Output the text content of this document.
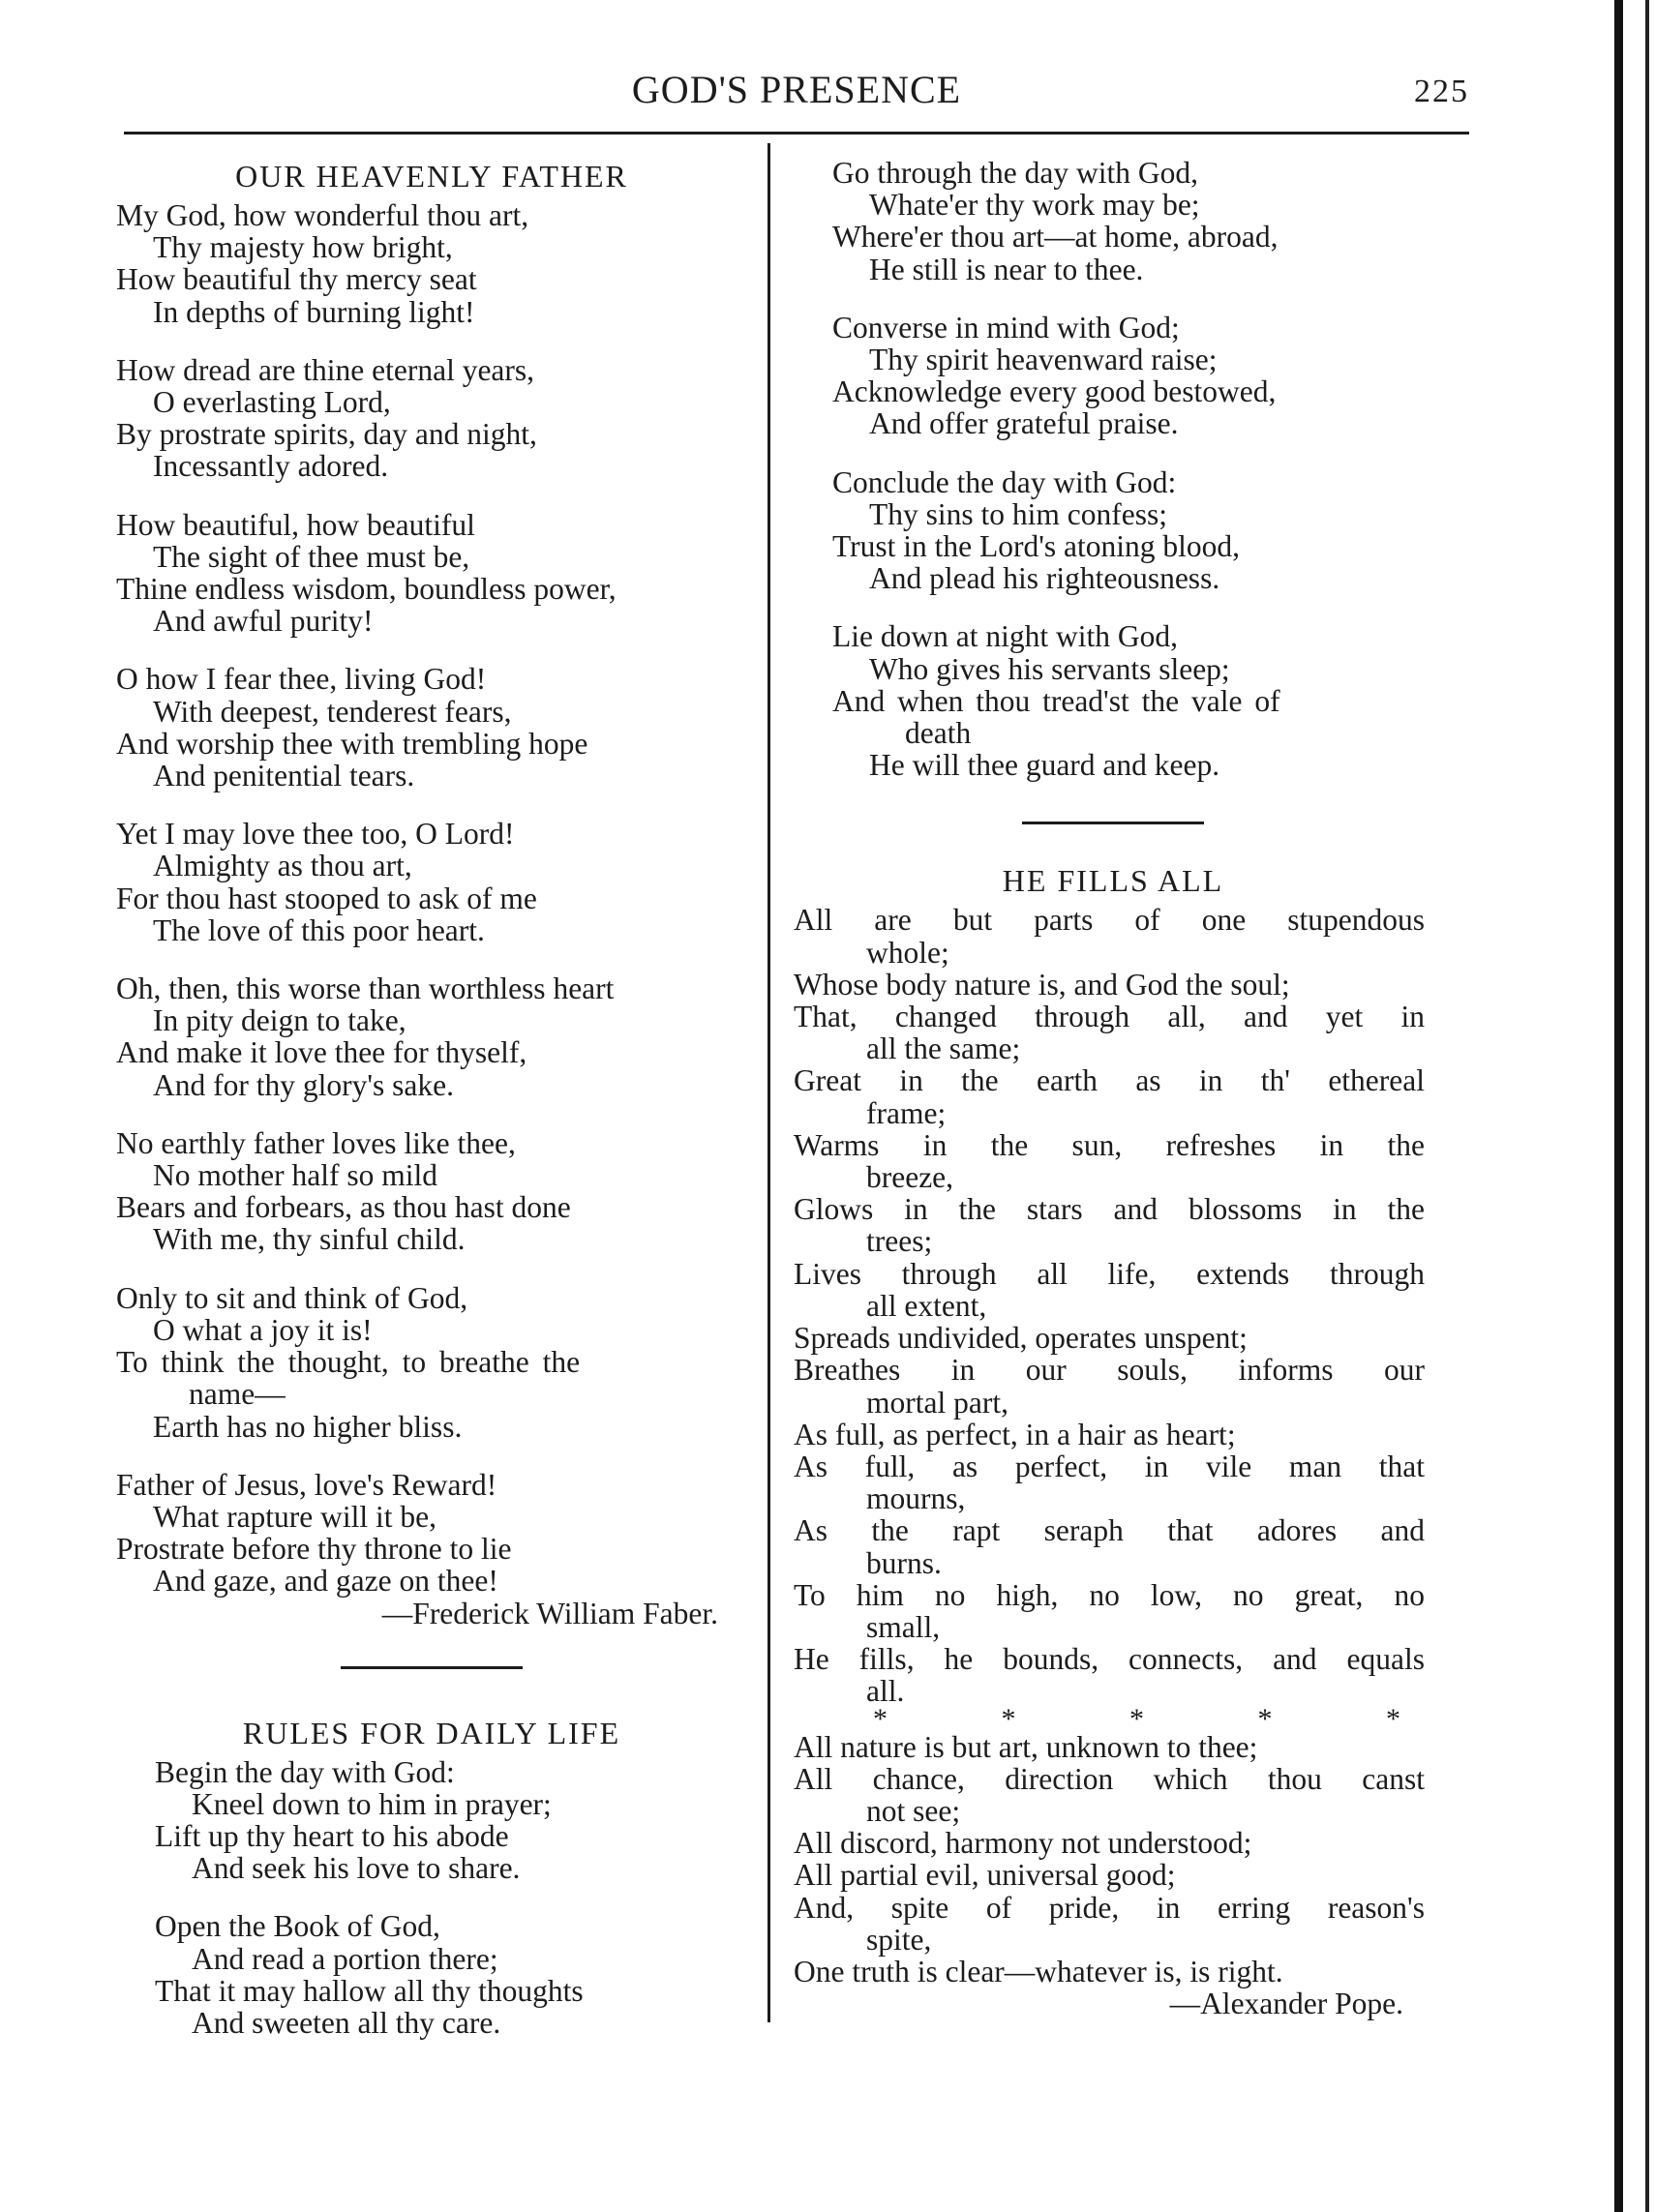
GOD'S PRESENCE	225
OUR HEAVENLY FATHER
My God, how wonderful thou art,
Thy majesty how bright,
How beautiful thy mercy seat
In depths of burning light!
How dread are thine eternal years,
O everlasting Lord,
By prostrate spirits, day and night,
Incessantly adored.
How beautiful, how beautiful
The sight of thee must be,
Thine endless wisdom, boundless power,
And awful purity!
O how I fear thee, living God!
With deepest, tenderest fears,
And worship thee with trembling hope
And penitential tears.
Yet I may love thee too, O Lord!
Almighty as thou art,
For thou hast stooped to ask of me
The love of this poor heart.
Oh, then, this worse than worthless heart
In pity deign to take,
And make it love thee for thyself,
And for thy glory's sake.
No earthly father loves like thee,
No mother half so mild
Bears and forbears, as thou hast done
With me, thy sinful child.
Only to sit and think of God,
O what a joy it is!
To think the thought, to breathe the
name—
Earth has no higher bliss.
Father of Jesus, love's Reward!
What rapture will it be,
Prostrate before thy throne to lie
And gaze, and gaze on thee!
—Frederick William Faber.
RULES FOR DAILY LIFE
Begin the day with God:
Kneel down to him in prayer;
Lift up thy heart to his abode
And seek his love to share.
Open the Book of God,
And read a portion there;
That it may hallow all thy thoughts
And sweeten all thy care.
Go through the day with God,
Whate'er thy work may be;
Where'er thou art—at home, abroad,
He still is near to thee.
Converse in mind with God;
Thy spirit heavenward raise;
Acknowledge every good bestowed,
And offer grateful praise.
Conclude the day with God:
Thy sins to him confess;
Trust in the Lord's atoning blood,
And plead his righteousness.
Lie down at night with God,
Who gives his servants sleep;
And when thou tread'st the vale of
death
He will thee guard and keep.
HE FILLS ALL
All are but parts of one stupendous
whole;
Whose body nature is, and God the soul;
That, changed through all, and yet in
all the same;
Great in the earth as in th' ethereal
frame;
Warms in the sun, refreshes in the
breeze,
Glows in the stars and blossoms in the
trees;
Lives through all life, extends through
all extent,
Spreads undivided, operates unspent;
Breathes in our souls, informs our
mortal part,
As full, as perfect, in a hair as heart;
As full, as perfect, in vile man that
mourns,
As the rapt seraph that adores and
burns.
To him no high, no low, no great, no
small,
He fills, he bounds, connects, and equals
all.
* * * * *
All nature is but art, unknown to thee;
All chance, direction which thou canst
not see;
All discord, harmony not understood;
All partial evil, universal good;
And, spite of pride, in erring reason's
spite,
One truth is clear—whatever is, is right.
—Alexander Pope.
